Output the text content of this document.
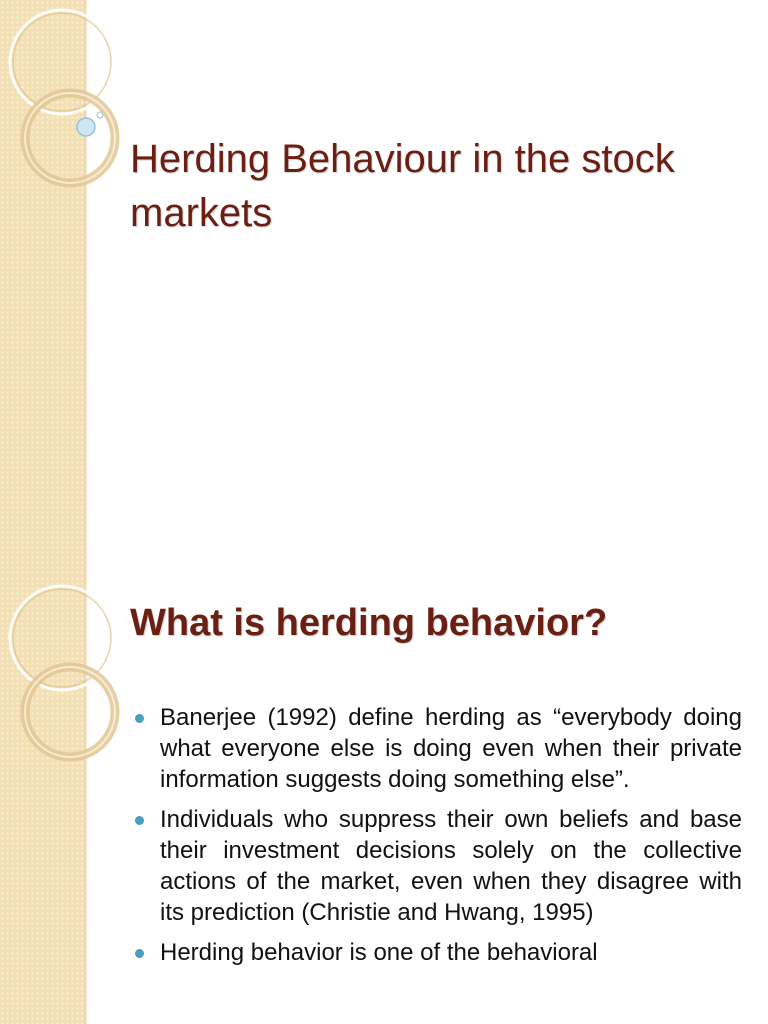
Herding Behaviour in the stock markets
What is herding behavior?
Banerjee (1992) define herding as “everybody doing what everyone else is doing even when their private information suggests doing something else”.
Individuals who suppress their own beliefs and base their investment decisions solely on the collective actions of the market, even when they disagree with its prediction (Christie and Hwang, 1995)
Herding behavior is one of the behavioral
